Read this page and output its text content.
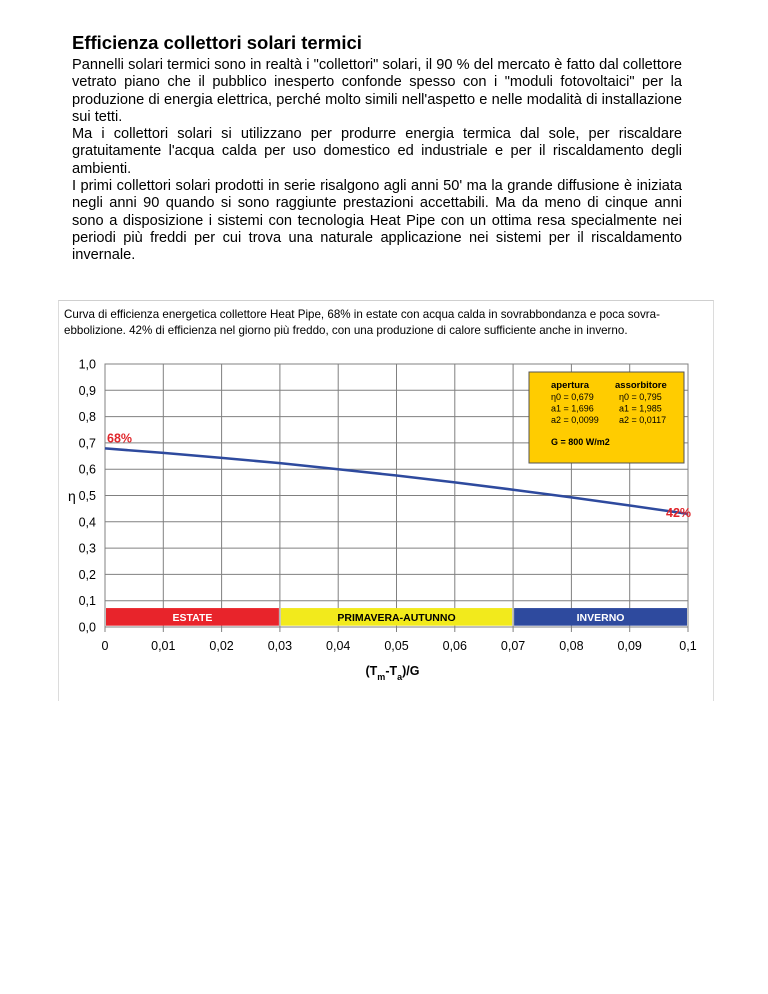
Efficienza collettori solari termici

Pannelli solari termici sono in realtà i "collettori" solari, il 90 % del mercato è fatto dal collettore vetrato piano che il pubblico inesperto confonde spesso con i "moduli fotovoltaici" per la produzione di energia elettrica, perché molto simili nell'aspetto e nelle modalità di installazione sui tetti.

Ma i collettori solari si utilizzano per produrre energia termica dal sole, per riscaldare gratuitamente l'acqua calda per uso domestico ed industriale e per il riscaldamento degli ambienti.

I primi collettori solari prodotti in serie risalgono agli anni 50' ma la grande diffusione è iniziata negli anni 90 quando si sono raggiunte prestazioni accettabili. Ma da meno di cinque anni sono a disposizione i sistemi con tecnologia Heat Pipe con un ottima resa specialmente nei periodi più freddi per cui trova una naturale applicazione nei sistemi per il riscaldamento invernale.

Curva di efficienza energetica collettore Heat Pipe, 68% in estate con acqua calda in sovrabbondanza e poca sovra-ebbolizione. 42% di efficienza nel giorno più freddo, con una produzione di calore sufficiente anche in inverno.
0,0
0,1
0,2
0,3
0,4
0,5
0,6
0,7
0,8
0,9
1,0
0	0,01	0,02	0,03	0,04	0,05	0,06	0,07	0,08	0,09	0,1
ESTATE	PRIMAVERA-AUTUNNO	INVERNO
68%
42%
η
$(T_m-T_a)/G$
apertura
η0 = 0,679
a1 = 1,696
a2 = 0,0099
assorbitore
η0 = 0,795
a1 = 1,985
a2 = 0,0117
G = 800 W/m2
